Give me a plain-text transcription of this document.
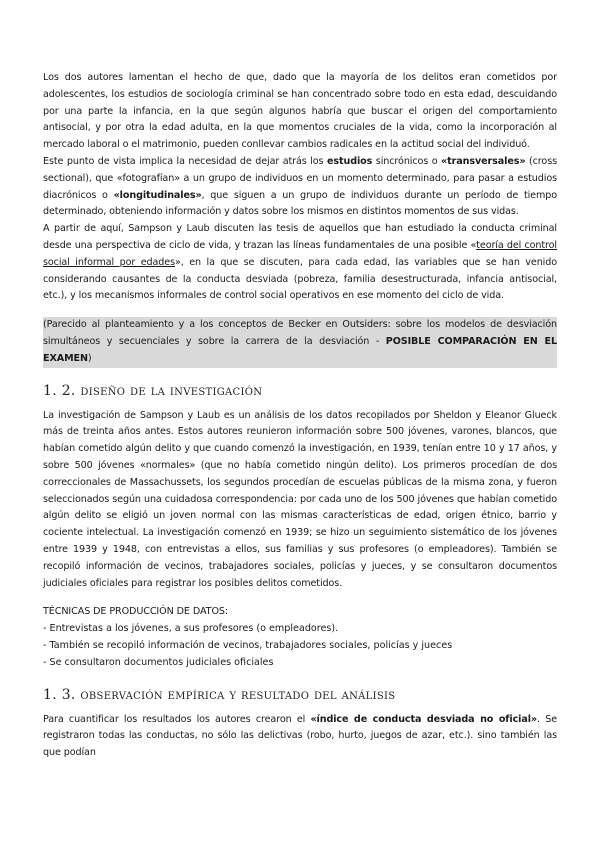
Los dos autores lamentan el hecho de que, dado que la mayoría de los delitos eran cometidos por adolescentes, los estudios de sociología criminal se han concentrado sobre todo en esta edad, descuidando por una parte la infancia, en la que según algunos habría que buscar el origen del comportamiento antisocial, y por otra la edad adulta, en la que momentos cruciales de la vida, como la incorporación al mercado laboral o el matrimonio, pueden conllevar cambios radicales en la actitud social del individuó.

Este punto de vista implica la necesidad de dejar atrás los estudios sincrónicos o «transversales» (cross sectional), que «fotografían» a un grupo de individuos en un momento determinado, para pasar a estudios diacrónicos o «longitudinales», que siguen a un grupo de individuos durante un período de tiempo determinado, obteniendo información y datos sobre los mismos en distintos momentos de sus vidas.

A partir de aquí, Sampson y Laub discuten las tesis de aquellos que han estudiado la conducta criminal desde una perspectiva de ciclo de vida, y trazan las líneas fundamentales de una posible «teoría del control social informal por edades», en la que se discuten, para cada edad, las variables que se han venido considerando causantes de la conducta desviada (pobreza, familia desestructurada, infancia antisocial, etc.), y los mecanismos informales de control social operativos en ese momento del ciclo de vida.

(Parecido al planteamiento y a los conceptos de Becker en Outsiders: sobre los modelos de desviación simultáneos y secuenciales y sobre la carrera de la desviación - POSIBLE COMPARACIÓN EN EL EXAMEN)

1. 2. diseño de la investigación

La investigación de Sampson y Laub es un análisis de los datos recopilados por Sheldon y Eleanor Glueck más de treinta años antes. Estos autores reunieron información sobre 500 jóvenes, varones, blancos, que habían cometido algún delito y que cuando comenzó la investigación, en 1939, tenían entre 10 y 17 años, y sobre 500 jóvenes «normales» (que no había cometido ningún delito). Los primeros procedían de dos correccionales de Massachussets, los segundos procedían de escuelas públicas de la misma zona, y fueron seleccionados según una cuidadosa correspondencia: por cada uno de los 500 jóvenes que habían cometido algún delito se eligió un joven normal con las mismas características de edad, origen étnico, barrio y cociente intelectual. La investigación comenzó en 1939; se hizo un seguimiento sistemático de los jóvenes entre 1939 y 1948, con entrevistas a ellos, sus familias y sus profesores (o empleadores). También se recopiló información de vecinos, trabajadores sociales, policías y jueces, y se consultaron documentos judiciales oficiales para registrar los posibles delitos cometidos.

TÉCNICAS DE PRODUCCIÓN DE DATOS:

- Entrevistas a los jóvenes, a sus profesores (o empleadores).
- También se recopiló información de vecinos, trabajadores sociales, policías y jueces
- Se consultaron documentos judiciales oficiales
1. 3. observación empírica y resultado del análisis

Para cuantificar los resultados los autores crearon el «índice de conducta desviada no oficial». Se registraron todas las conductas, no sólo las delictivas (robo, hurto, juegos de azar, etc.). sino también las que podían
